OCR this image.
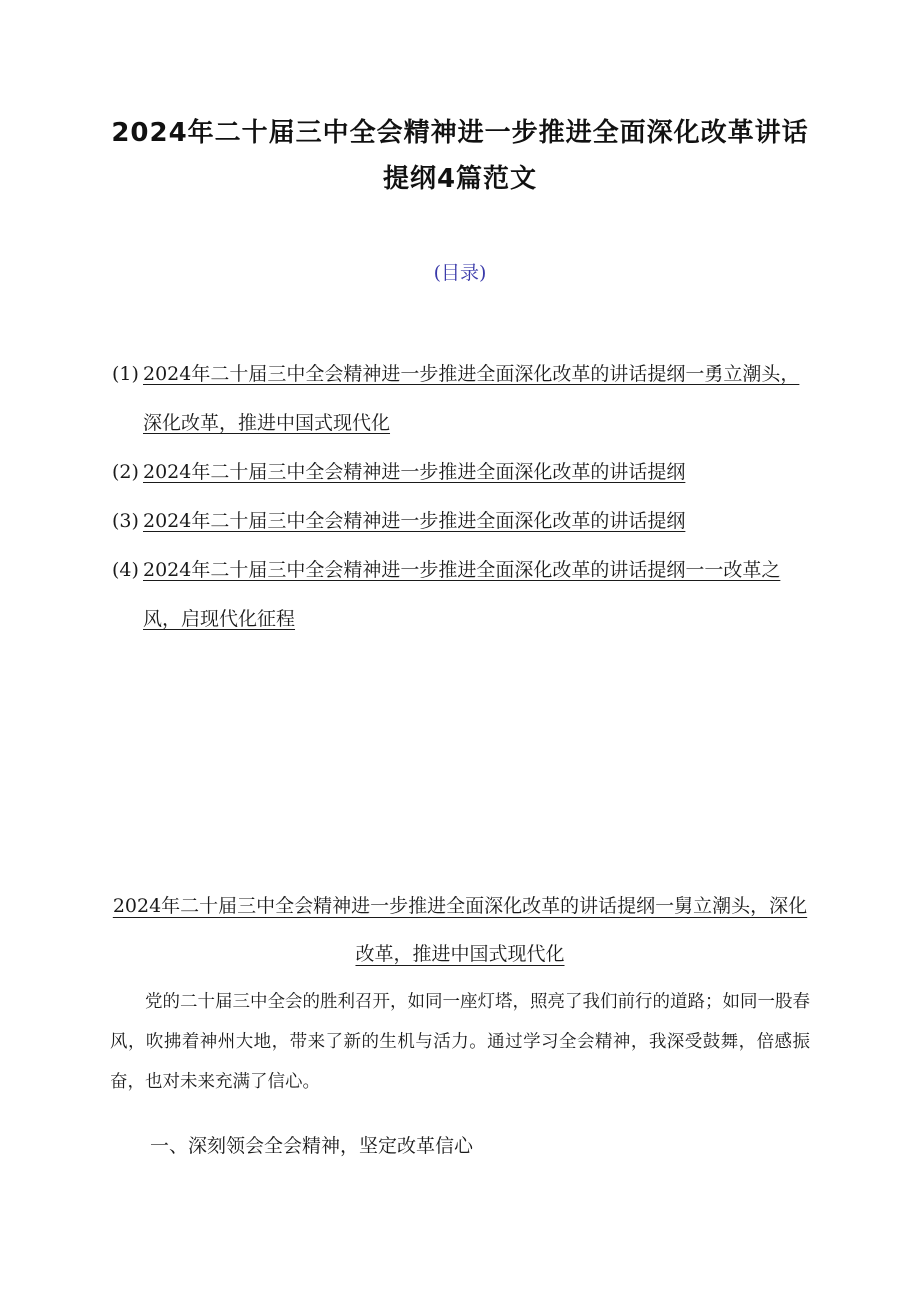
2024年二十届三中全会精神进一步推进全面深化改革讲话提纲4篇范文
(目录)
(1) 2024年二十届三中全会精神进一步推进全面深化改革的讲话提纲一勇立潮头，深化改革，推进中国式现代化
(2) 2024年二十届三中全会精神进一步推进全面深化改革的讲话提纲
(3) 2024年二十届三中全会精神进一步推进全面深化改革的讲话提纲
(4) 2024年二十届三中全会精神进一步推进全面深化改革的讲话提纲一一改革之风，启现代化征程
2024年二十届三中全会精神进一步推进全面深化改革的讲话提纲一舅立潮头，深化改革，推进中国式现代化

党的二十届三中全会的胜利召开，如同一座灯塔，照亮了我们前行的道路；如同一股春风，吹拂着神州大地，带来了新的生机与活力。通过学习全会精神，我深受鼓舞，倍感振奋，也对未来充满了信心。

一、深刻领会全会精神，坚定改革信心
